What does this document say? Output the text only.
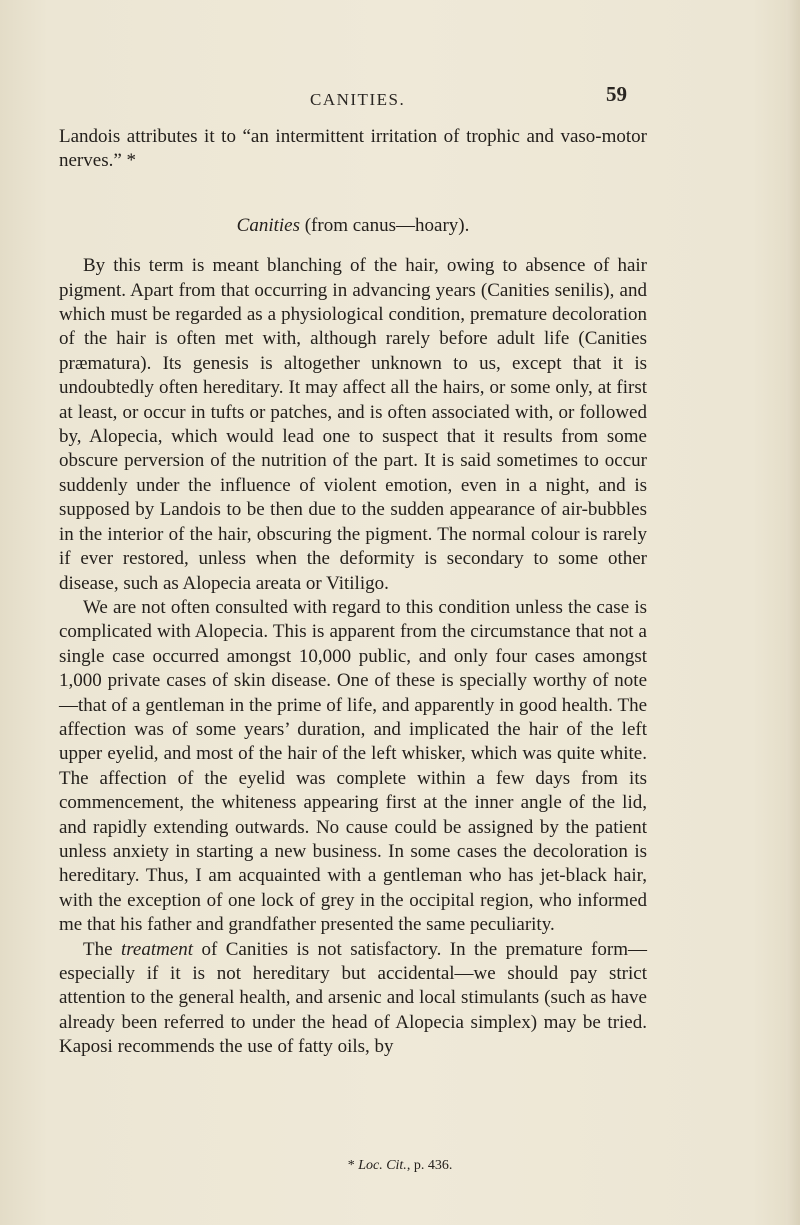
CANITIES.	59

Landois attributes it to “an intermittent irritation of trophic and vaso-motor nerves.” *

Canities (from canus—hoary).

By this term is meant blanching of the hair, owing to absence of hair pigment. Apart from that occurring in advancing years (Canities senilis), and which must be regarded as a physiological condition, premature decoloration of the hair is often met with, although rarely before adult life (Canities præmatura). Its genesis is altogether unknown to us, except that it is undoubtedly often hereditary. It may affect all the hairs, or some only, at first at least, or occur in tufts or patches, and is often associated with, or followed by, Alopecia, which would lead one to suspect that it results from some obscure perversion of the nutrition of the part. It is said sometimes to occur suddenly under the influence of violent emotion, even in a night, and is supposed by Landois to be then due to the sudden appearance of air-bubbles in the interior of the hair, obscuring the pigment. The normal colour is rarely if ever restored, unless when the deformity is secondary to some other disease, such as Alopecia areata or Vitiligo.

We are not often consulted with regard to this condition unless the case is complicated with Alopecia. This is apparent from the circumstance that not a single case occurred amongst 10,000 public, and only four cases amongst 1,000 private cases of skin disease. One of these is specially worthy of note—that of a gentleman in the prime of life, and apparently in good health. The affection was of some years’ duration, and implicated the hair of the left upper eyelid, and most of the hair of the left whisker, which was quite white. The affection of the eyelid was complete within a few days from its commencement, the whiteness appearing first at the inner angle of the lid, and rapidly extending outwards. No cause could be assigned by the patient unless anxiety in starting a new business. In some cases the decoloration is hereditary. Thus, I am acquainted with a gentleman who has jet-black hair, with the exception of one lock of grey in the occipital region, who informed me that his father and grandfather presented the same peculiarity.

The treatment of Canities is not satisfactory. In the premature form—especially if it is not hereditary but accidental—we should pay strict attention to the general health, and arsenic and local stimulants (such as have already been referred to under the head of Alopecia simplex) may be tried. Kaposi recommends the use of fatty oils, by

* Loc. Cit., p. 436.
